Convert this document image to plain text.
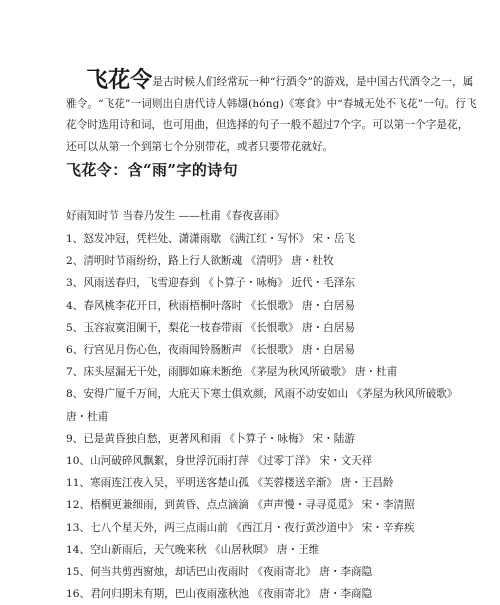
飞花令是古时候人们经常玩一种“行酒令”的游戏，是中国古代酒令之一，属雅令。“飞花”一词则出自唐代诗人韩翃(hóng)《寒食》中“春城无处不飞花”一句。行飞花令时选用诗和词，也可用曲，但选择的句子一般不超过7个字。可以第一个字是花，还可以从第一个到第七个分别带花，或者只要带花就好。
飞花令：含“雨”字的诗句
好雨知时节 当春乃发生 ——杜甫《春夜喜雨》
1、怒发冲冠，凭栏处、潇潇雨歇 《满江红・写怀》 宋・岳飞
2、清明时节雨纷纷，路上行人欲断魂 《清明》 唐・杜牧
3、风雨送春归，飞雪迎春到 《卜算子・咏梅》 近代・毛泽东
4、春风桃李花开日，秋雨梧桐叶落时 《长恨歌》 唐・白居易
5、玉容寂寞泪阑干，梨花一枝春带雨 《长恨歌》 唐・白居易
6、行宫见月伤心色，夜雨闻铃肠断声 《长恨歌》 唐・白居易
7、床头屋漏无干处，雨脚如麻未断绝 《茅屋为秋风所破歌》 唐・杜甫
8、安得广厦千万间，大庇天下寒士俱欢颜，风雨不动安如山 《茅屋为秋风所破歌》
唐・杜甫
9、已是黄昏独自愁，更著风和雨 《卜算子・咏梅》 宋・陆游
10、山河破碎风飘絮，身世浮沉雨打萍 《过零丁洋》 宋・文天祥
11、寒雨连江夜入吴，平明送客楚山孤 《芙蓉楼送辛渐》 唐・王昌龄
12、梧桐更兼细雨，到黄昏、点点滴滴 《声声慢・寻寻觅觅》 宋・李清照
13、七八个星天外，两三点雨山前 《西江月・夜行黄沙道中》 宋・辛弃疾
14、空山新雨后，天气晚来秋 《山居秋暝》 唐・王维
15、何当共剪西窗烛，却话巴山夜雨时 《夜雨寄北》 唐・李商隐
16、君问归期未有期，巴山夜雨涨秋池 《夜雨寄北》 唐・李商隐
